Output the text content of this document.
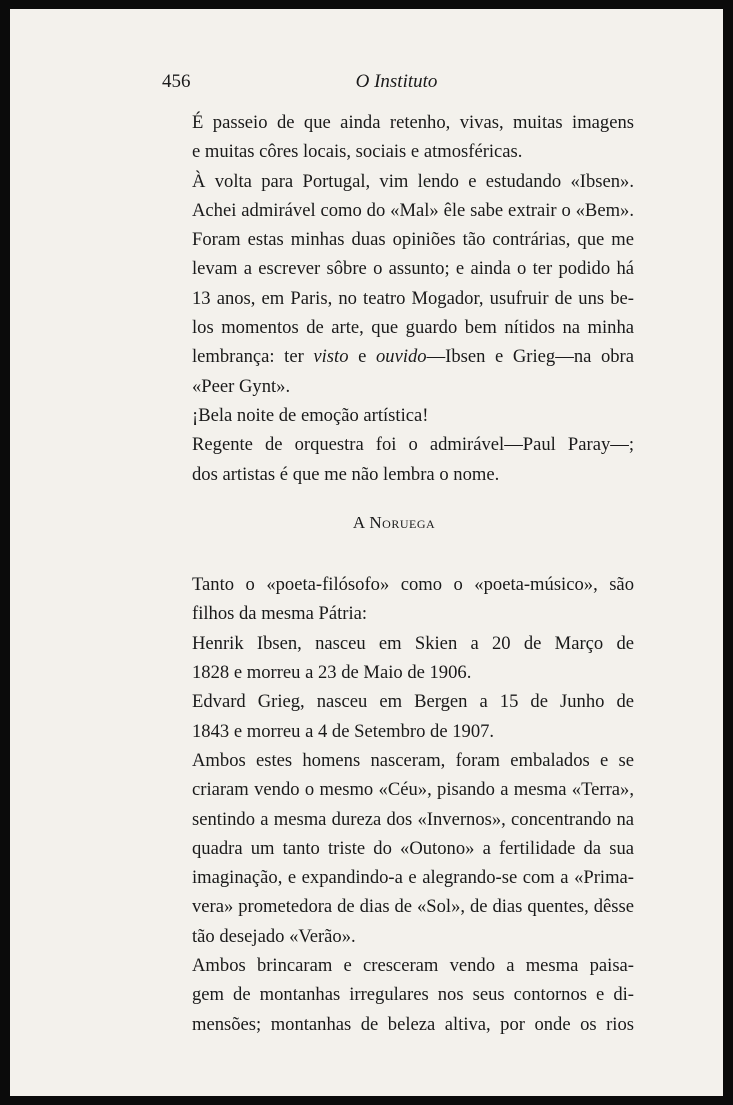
456	O Instituto

É passeio de que ainda retenho, vivas, muitas imagens
e muitas côres locais, sociais e atmosféricas.

À volta para Portugal, vim lendo e estudando «Ibsen».
Achei admirável como do «Mal» êle sabe extrair o «Bem».
Foram estas minhas duas opiniões tão contrárias, que me
levam a escrever sôbre o assunto; e ainda o ter podido há
13 anos, em Paris, no teatro Mogador, usufruir de uns be-
los momentos de arte, que guardo bem nítidos na minha
lembrança: ter visto e ouvido—Ibsen e Grieg—na obra
«Peer Gynt».

¡Bela noite de emoção artística!

Regente de orquestra foi o admirável—Paul Paray—;
dos artistas é que me não lembra o nome.

A Noruega

Tanto o «poeta-filósofo» como o «poeta-músico», são
filhos da mesma Pátria:

Henrik Ibsen, nasceu em Skien a 20 de Março de
1828 e morreu a 23 de Maio de 1906.

Edvard Grieg, nasceu em Bergen a 15 de Junho de
1843 e morreu a 4 de Setembro de 1907.

Ambos estes homens nasceram, foram embalados e se
criaram vendo o mesmo «Céu», pisando a mesma «Terra»,
sentindo a mesma dureza dos «Invernos», concentrando na
quadra um tanto triste do «Outono» a fertilidade da sua
imaginação, e expandindo-a e alegrando-se com a «Prima-
vera» prometedora de dias de «Sol», de dias quentes, dêsse
tão desejado «Verão».

Ambos brincaram e cresceram vendo a mesma paisa-
gem de montanhas irregulares nos seus contornos e di-
mensões; montanhas de beleza altiva, por onde os rios
